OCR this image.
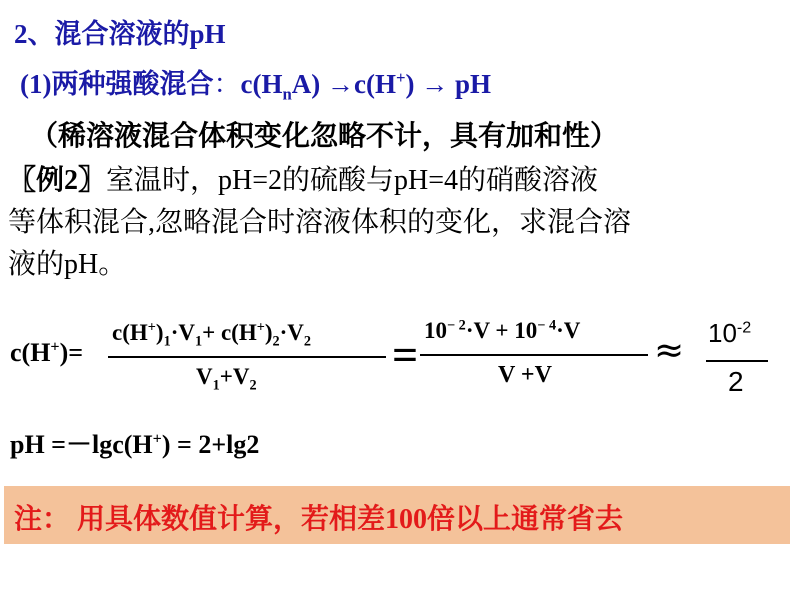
2、混合溶液的pH
(1)两种强酸混合：$c(H_nA) \to c(H^+)$ → pH
（稀溶液混合体积变化忽略不计，具有加和性）
〖例2〗室温时，pH=2的硫酸与pH=4的硝酸溶液
等体积混合,忽略混合时溶液体积的变化，求混合溶
液的pH。
c(H+)=
$c(H^+)_1\cdot V_1+ c(H^+)_2\cdot V_2$
$V_1+V_2$
= $10^{- 2}\cdot V + 10^{- 4}\cdot V$
V +V
≈ $10^{-2}$
2
pH =－lgc(H+) = 2+lg2
注： 用具体数值计算，若相差100倍以上通常省去
